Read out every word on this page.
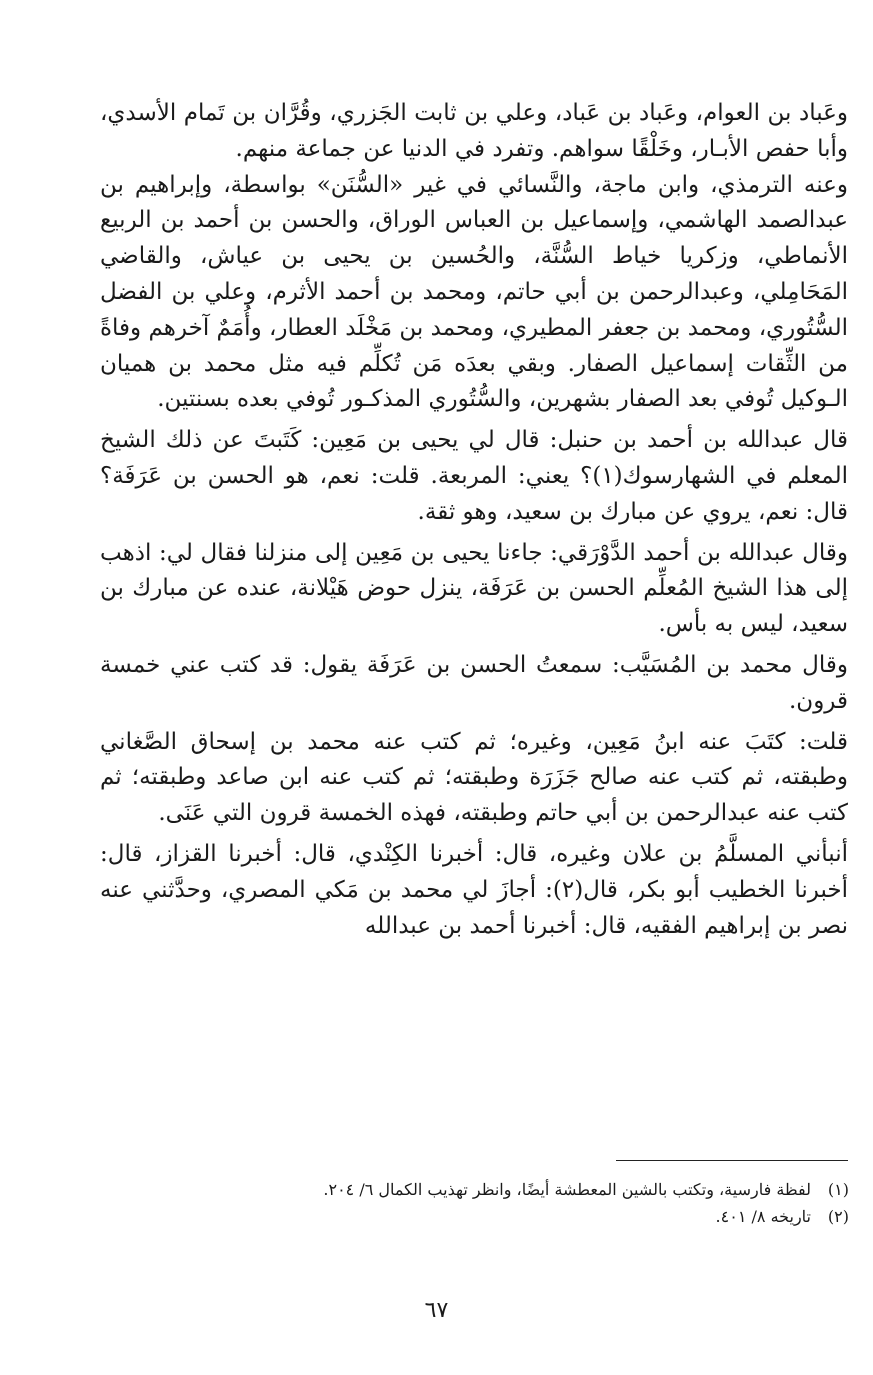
وعَباد بن العوام، وعَباد بن عَباد، وعلي بن ثابت الجَزري، وقُرَّان بن تَمام الأسدي، وأبا حفص الأبـار، وخَلْقًا سواهم. وتفرد في الدنيا عن جماعة منهم.

وعنه الترمذي، وابن ماجة، والنَّسائي في غير «السُّنَن» بواسطة، وإبراهيم بن عبدالصمد الهاشمي، وإسماعيل بن العباس الوراق، والحسن بن أحمد بن الربيع الأنماطي، وزكريا خياط السُّنَّة، والحُسين بن يحيى بن عياش، والقاضي المَحَامِلي، وعبدالرحمن بن أبي حاتم، ومحمد بن أحمد الأثرم، وعلي بن الفضل السُّتُوري، ومحمد بن جعفر المطيري، ومحمد بن مَخْلَد العطار، وأُمَمٌ آخرهم وفاةً من الثِّقات إسماعيل الصفار. وبقي بعدَه مَن تُكلِّم فيه مثل محمد بن هميان الـوكيل تُوفي بعد الصفار بشهرين، والسُّتُوري المذكـور تُوفي بعده بسنتين.

قال عبدالله بن أحمد بن حنبل: قال لي يحيى بن مَعِين: كَتَبتَ عن ذلك الشيخ المعلم في الشهارسوك(١)؟ يعني: المربعة. قلت: نعم، هو الحسن بن عَرَفَة؟ قال: نعم، يروي عن مبارك بن سعيد، وهو ثقة.

وقال عبدالله بن أحمد الدَّوْرَقي: جاءنا يحيى بن مَعِين إلى منزلنا فقال لي: اذهب إلى هذا الشيخ المُعلِّم الحسن بن عَرَفَة، ينزل حوض هَيْلانة، عنده عن مبارك بن سعيد، ليس به بأس.

وقال محمد بن المُسَيَّب: سمعتُ الحسن بن عَرَفَة يقول: قد كتب عني خمسة قرون.

قلت: كتَبَ عنه ابنُ مَعِين، وغيره؛ ثم كتب عنه محمد بن إسحاق الصَّغاني وطبقته، ثم كتب عنه صالح جَزَرَة وطبقته؛ ثم كتب عنه ابن صاعد وطبقته؛ ثم كتب عنه عبدالرحمن بن أبي حاتم وطبقته، فهذه الخمسة قرون التي عَنَى.

أنبأني المسلَّمُ بن علان وغيره، قال: أخبرنا الكِنْدي، قال: أخبرنا القزاز، قال: أخبرنا الخطيب أبو بكر، قال(٢): أجازَ لي محمد بن مَكي المصري، وحدَّثني عنه نصر بن إبراهيم الفقيه، قال: أخبرنا أحمد بن عبدالله

(١)لفظة فارسية، وتكتب بالشين المعطشة أيضًا، وانظر تهذيب الكمال ٦/ ٢٠٤.
(٢)تاريخه ٨/ ٤٠١.
٦٧
